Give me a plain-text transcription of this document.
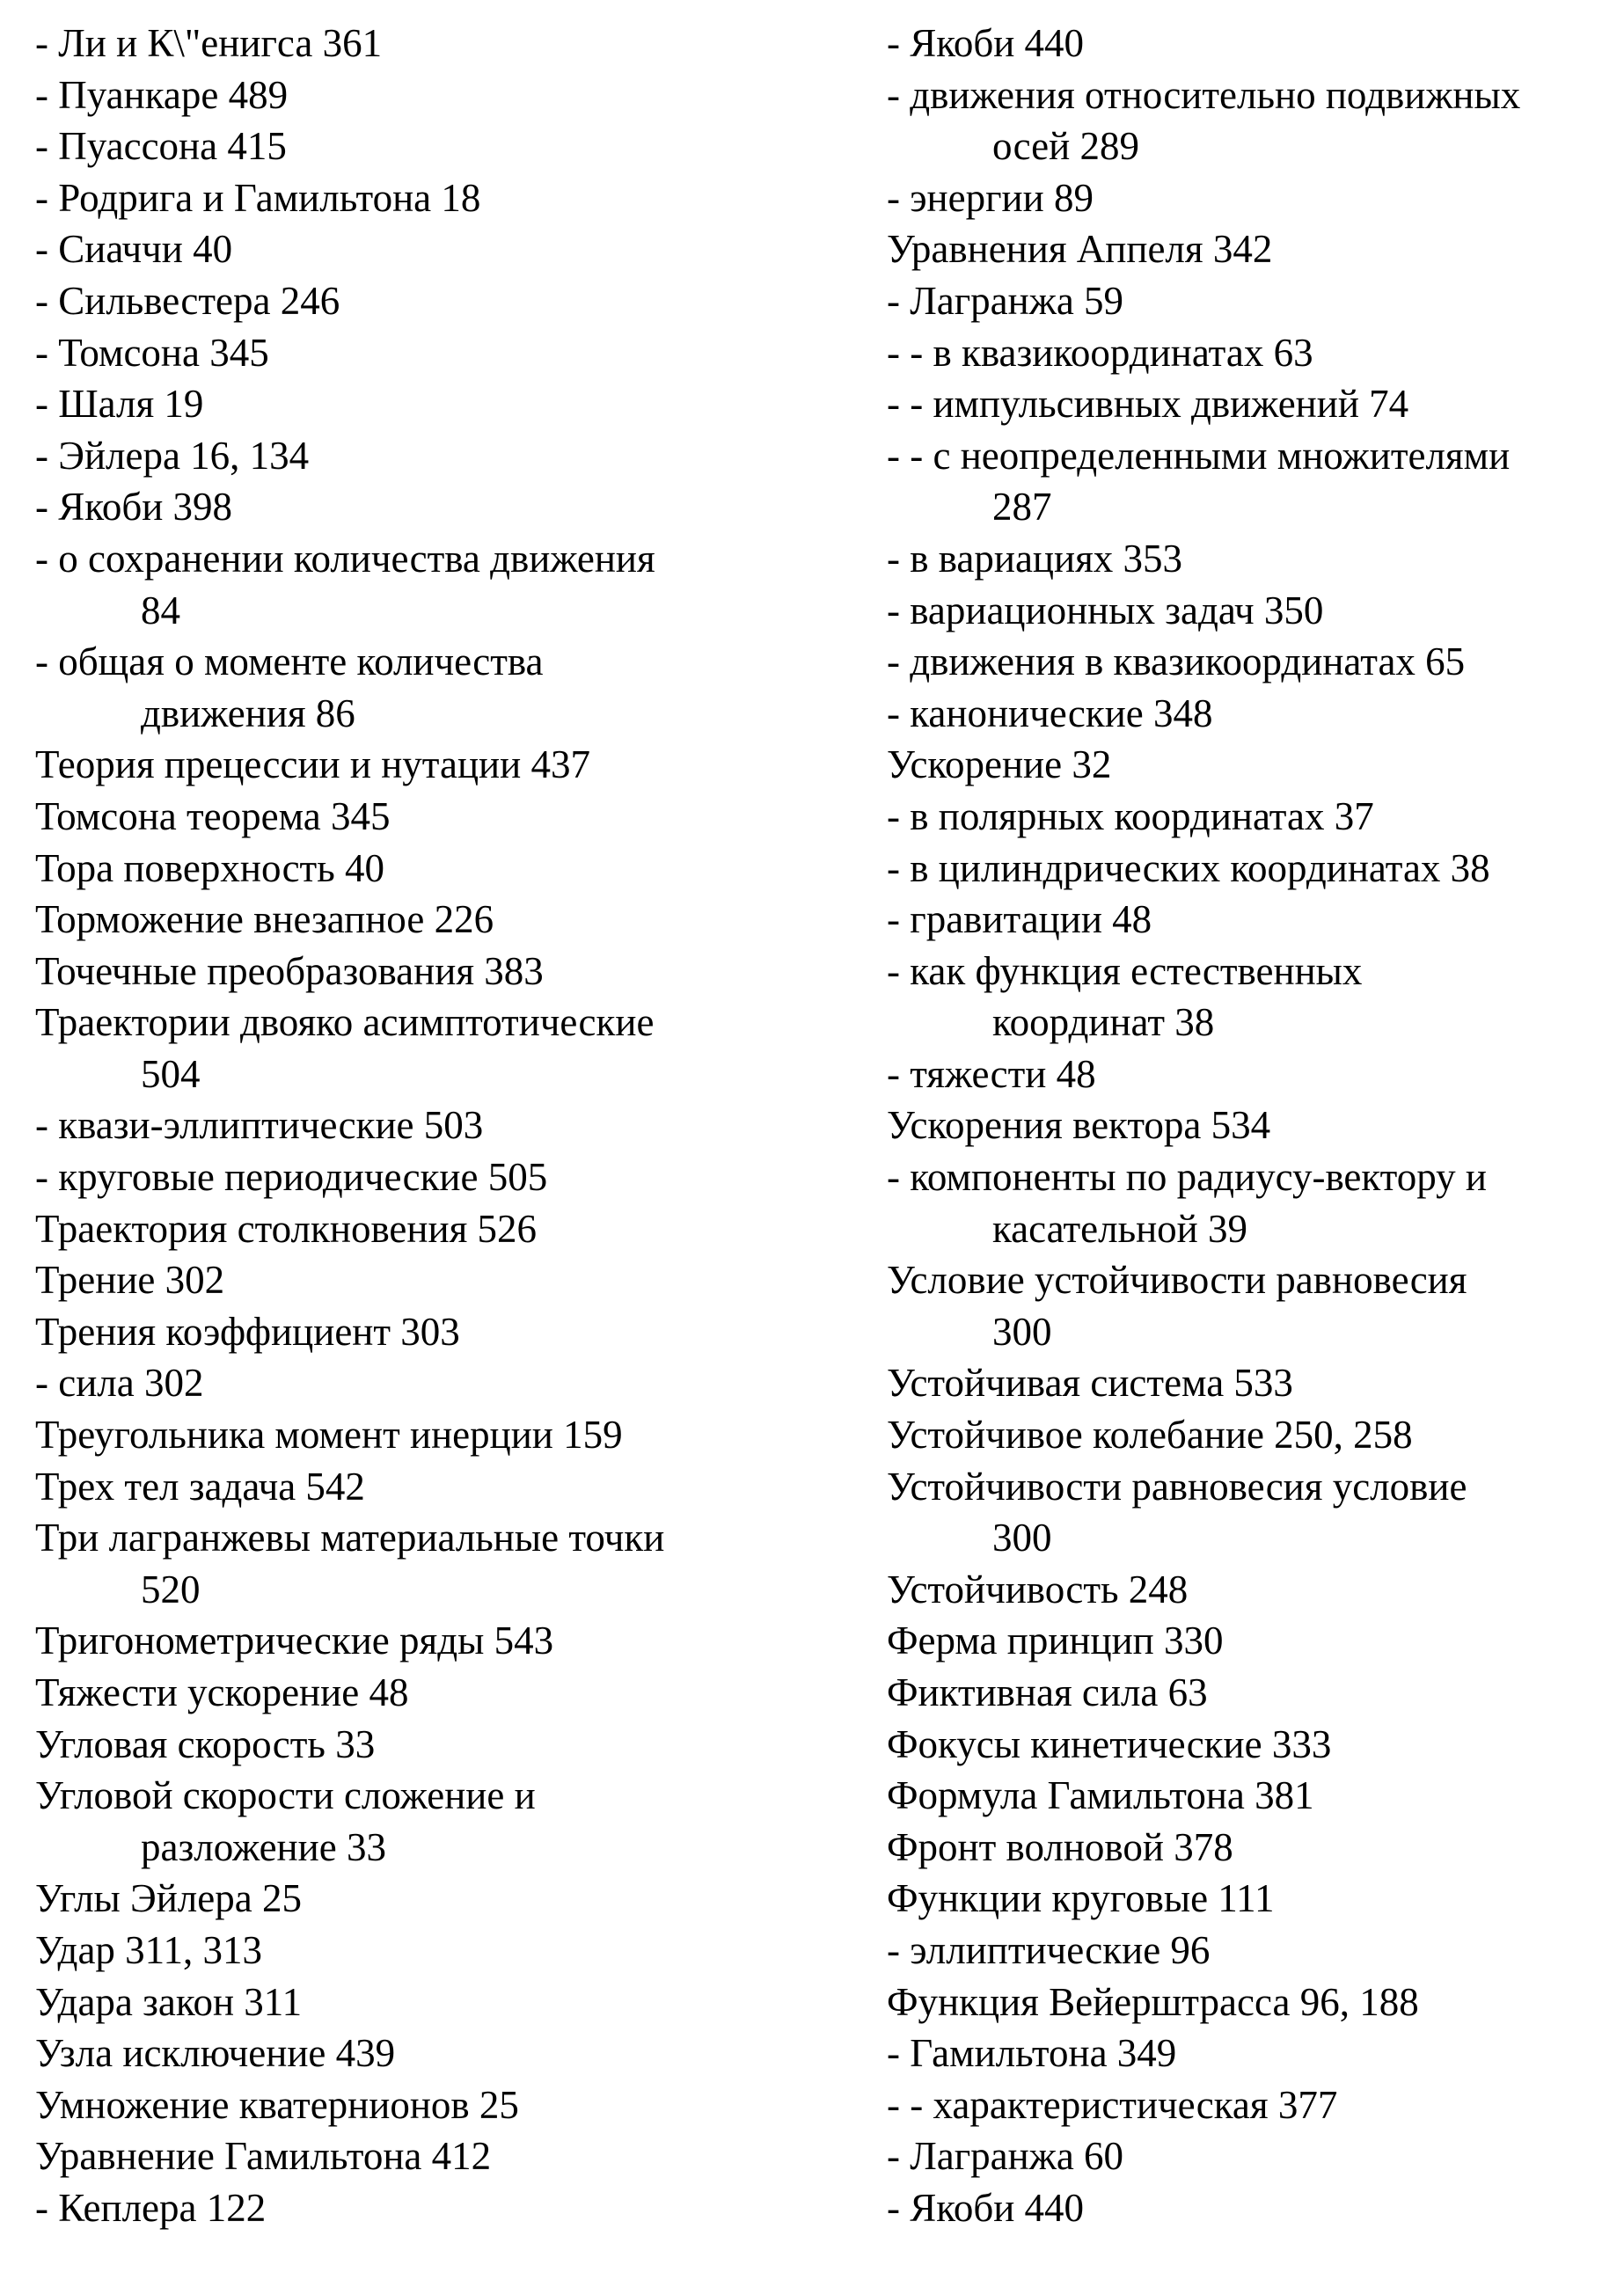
- Ли и К\"енигса 361
- Пуанкаре 489
- Пуассона 415
- Родрига и Гамильтона 18
- Сиаччи 40
- Сильвестера 246
- Томсона 345
- Шаля 19
- Эйлера 16, 134
- Якоби 398
- о сохранении количества движения
84
- общая о моменте количества
движения 86
Теория прецессии и нутации 437
Томсона теорема 345
Тора поверхность 40
Торможение внезапное 226
Точечные преобразования 383
Траектории двояко асимптотические
504
- квази-эллиптические 503
- круговые периодические 505
Траектория столкновения 526
Трение 302
Трения коэффициент 303
- сила 302
Треугольника момент инерции 159
Трех тел задача 542
Три лагранжевы материальные точки
520
Тригонометрические ряды 543
Тяжести ускорение 48
Угловая скорость 33
Угловой скорости сложение и
разложение 33
Углы Эйлера 25
Удар 311, 313
Удара закон 311
Узла исключение 439
Умножение кватернионов 25
Уравнение Гамильтона 412
- Кеплера 122
- Якоби 440
- движения относительно подвижных
осей 289
- энергии 89
Уравнения Аппеля 342
- Лагранжа 59
- - в квазикоординатах 63
- - импульсивных движений 74
- - с неопределенными множителями
287
- в вариациях 353
- вариационных задач 350
- движения в квазикоординатах 65
- канонические 348
Ускорение 32
- в полярных координатах 37
- в цилиндрических координатах 38
- гравитации 48
- как функция естественных
координат 38
- тяжести 48
Ускорения вектора 534
- компоненты по радиусу-вектору и
касательной 39
Условие устойчивости равновесия
300
Устойчивая система 533
Устойчивое колебание 250, 258
Устойчивости равновесия условие
300
Устойчивость 248
Ферма принцип 330
Фиктивная сила 63
Фокусы кинетические 333
Формула Гамильтона 381
Фронт волновой 378
Функции круговые 111
- эллиптические 96
Функция Вейерштрасса 96, 188
- Гамильтона 349
- - характеристическая 377
- Лагранжа 60
- Якоби 440
